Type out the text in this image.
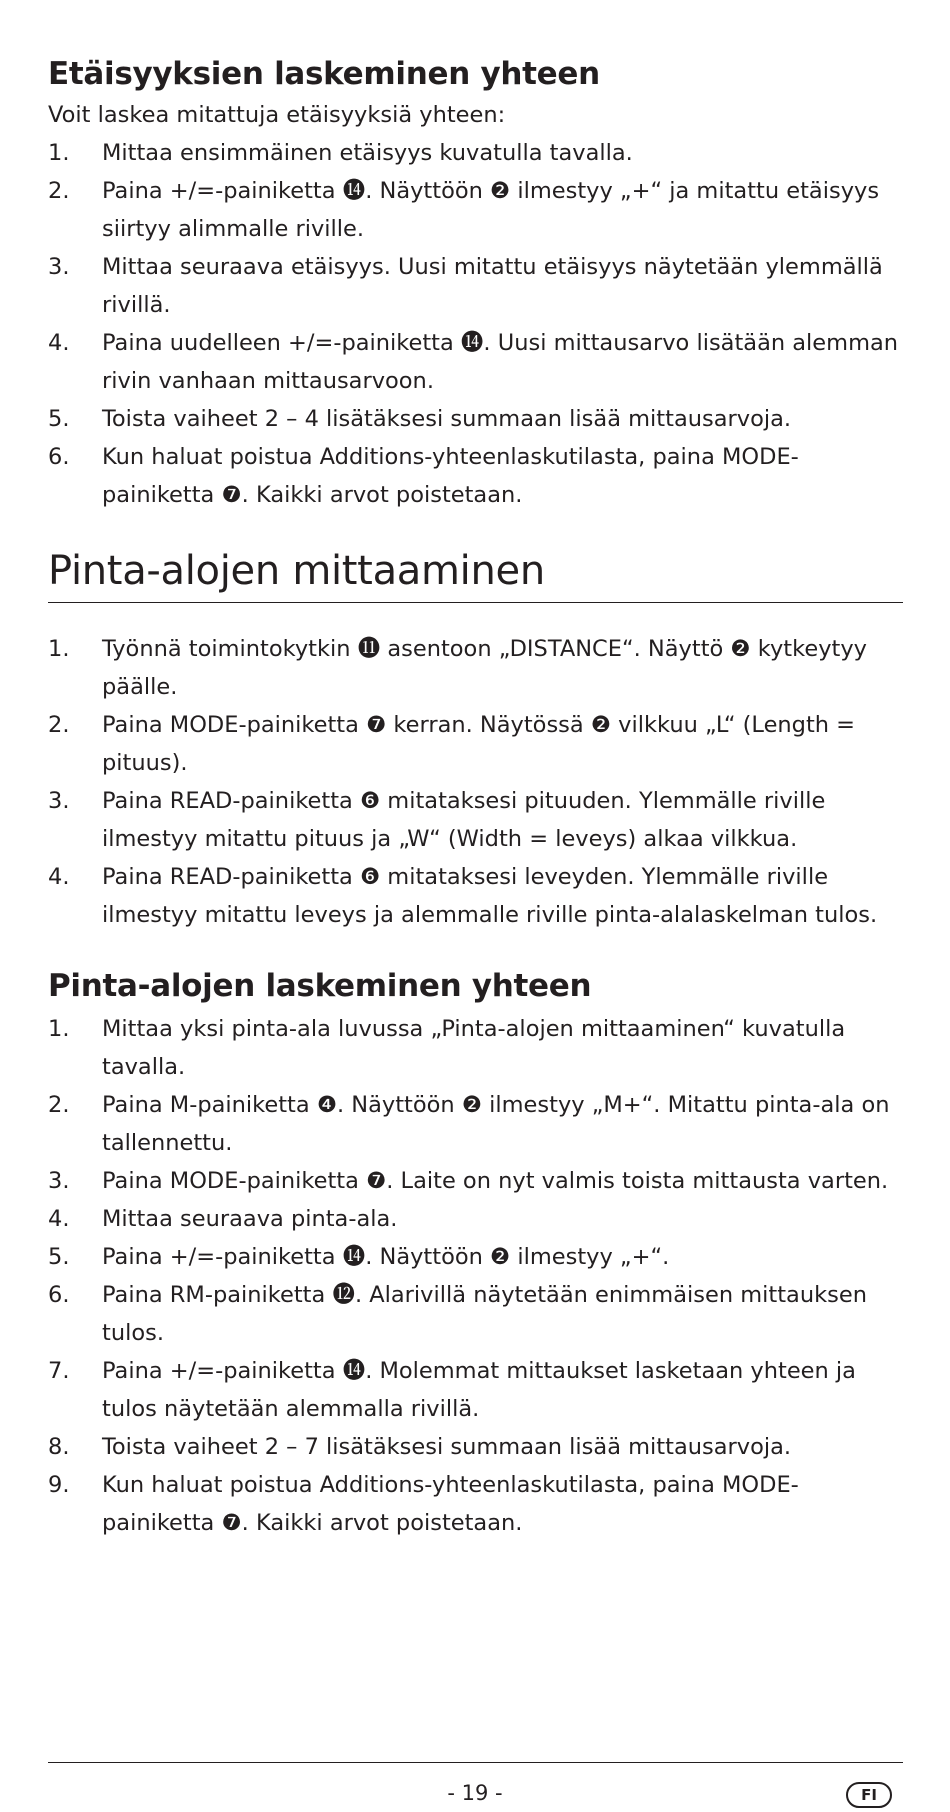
Etäisyyksien laskeminen yhteen
Voit laskea mitattuja etäisyyksiä yhteen:
1. Mittaa ensimmäinen etäisyys kuvatulla tavalla.
2. Paina +/=-painiketta ⓮. Näyttöön ❷ ilmestyy „+“ ja mitattu etäisyys siirtyy alimmalle riville.
3. Mittaa seuraava etäisyys. Uusi mitattu etäisyys näytetään ylemmällä rivillä.
4. Paina uudelleen +/=-painiketta ⓮. Uusi mittausarvo lisätään alemman rivin vanhaan mittausarvoon.
5. Toista vaiheet 2 – 4 lisätäksesi summaan lisää mittausarvoja.
6. Kun haluat poistua Additions-yhteenlaskutilasta, paina MODE-painiketta ❼. Kaikki arvot poistetaan.
Pinta-alojen mittaaminen
1. Työnnä toimintokytkin ⓫ asentoon „DISTANCE“. Näyttö ❷ kytkeytyy päälle.
2. Paina MODE-painiketta ❼ kerran. Näytössä ❷ vilkkuu „L“ (Length = pituus).
3. Paina READ-painiketta ❻ mitataksesi pituuden. Ylemmälle riville ilmestyy mitattu pituus ja „W“ (Width = leveys) alkaa vilkkua.
4. Paina READ-painiketta ❻ mitataksesi leveyden. Ylemmälle riville ilmestyy mitattu leveys ja alemmalle riville pinta-alalaskelman tulos.
Pinta-alojen laskeminen yhteen
1. Mittaa yksi pinta-ala luvussa „Pinta-alojen mittaaminen“ kuvatulla tavalla.
2. Paina M-painiketta ❹. Näyttöön ❷ ilmestyy „M+“. Mitattu pinta-ala on tallennettu.
3. Paina MODE-painiketta ❼. Laite on nyt valmis toista mittausta varten.
4. Mittaa seuraava pinta-ala.
5. Paina +/=-painiketta ⓮. Näyttöön ❷ ilmestyy „+“.
6. Paina RM-painiketta ⓬. Alarivillä näytetään enimmäisen mittauksen tulos.
7. Paina +/=-painiketta ⓮. Molemmat mittaukset lasketaan yhteen ja tulos näytetään alemmalla rivillä.
8. Toista vaiheet 2 – 7 lisätäksesi summaan lisää mittausarvoja.
9. Kun haluat poistua Additions-yhteenlaskutilasta, paina MODE-painiketta ❼. Kaikki arvot poistetaan.
- 19 -	FI
